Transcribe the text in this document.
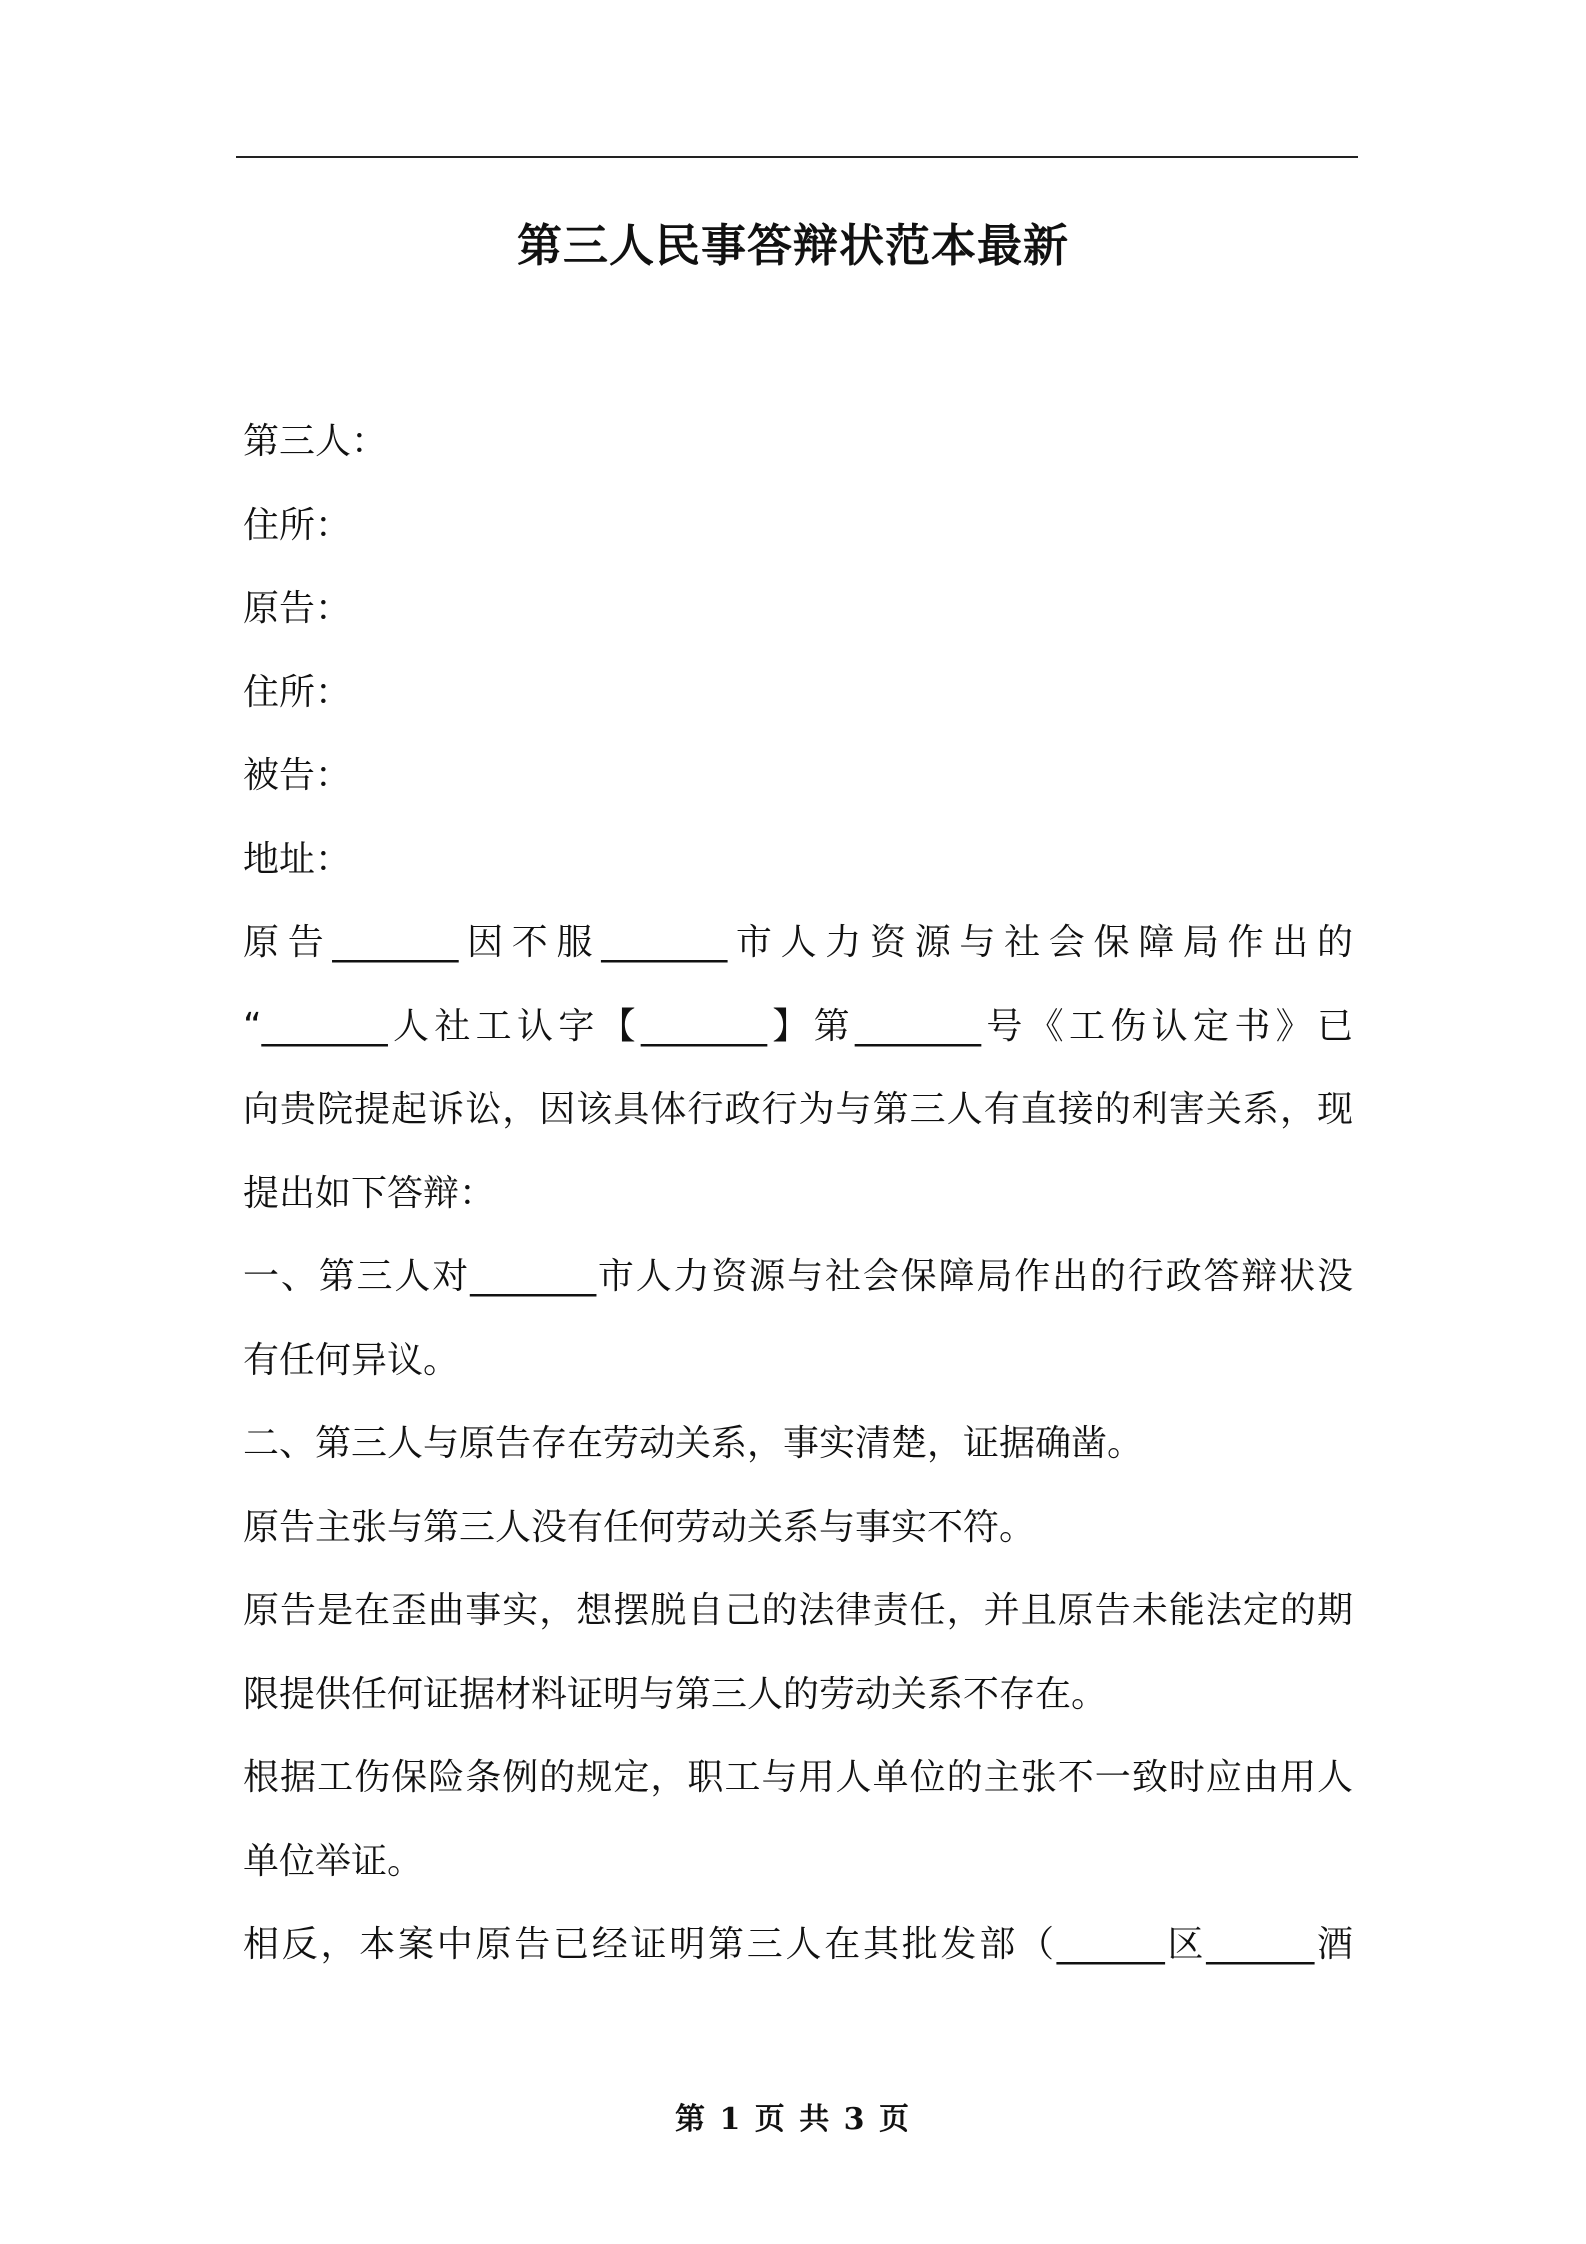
第三人民事答辩状范本最新
第三人：
住所：
原告：
住所：
被告：
地址：
原告_______因不服_______市人力资源与社会保障局作出的
“_______人社工认字【_______】第_______号《工伤认定书》已
向贵院提起诉讼，因该具体行政行为与第三人有直接的利害关系，现
提出如下答辩：
一、第三人对_______市人力资源与社会保障局作出的行政答辩状没
有任何异议。
二、第三人与原告存在劳动关系，事实清楚，证据确凿。
原告主张与第三人没有任何劳动关系与事实不符。
原告是在歪曲事实，想摆脱自己的法律责任，并且原告未能法定的期
限提供任何证据材料证明与第三人的劳动关系不存在。
根据工伤保险条例的规定，职工与用人单位的主张不一致时应由用人
单位举证。
相反，本案中原告已经证明第三人在其批发部（______区______酒
第 1 页 共 3 页
